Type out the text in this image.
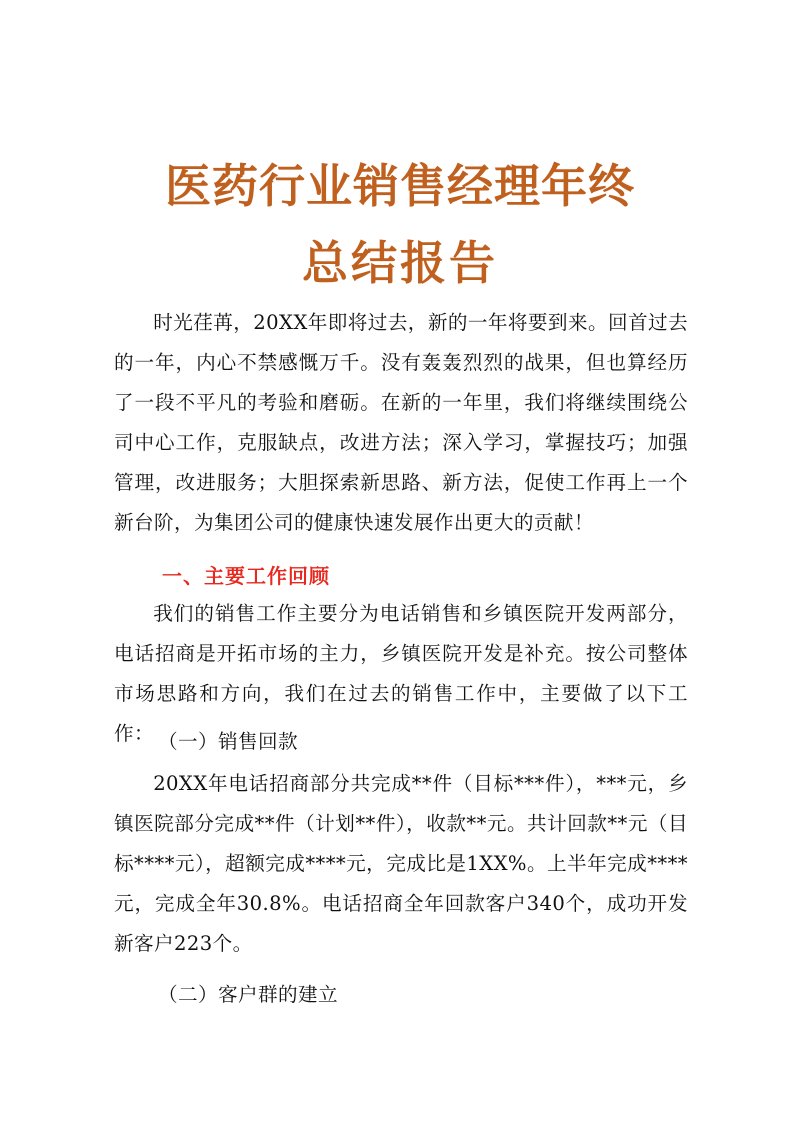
医药行业销售经理年终
总结报告

时光荏苒，20XX年即将过去，新的一年将要到来。回首过去的一年，内心不禁感慨万千。没有轰轰烈烈的战果，但也算经历了一段不平凡的考验和磨砺。在新的一年里，我们将继续围绕公司中心工作，克服缺点，改进方法；深入学习，掌握技巧；加强管理，改进服务；大胆探索新思路、新方法，促使工作再上一个新台阶，为集团公司的健康快速发展作出更大的贡献！

一、主要工作回顾

我们的销售工作主要分为电话销售和乡镇医院开发两部分，电话招商是开拓市场的主力，乡镇医院开发是补充。按公司整体市场思路和方向，我们在过去的销售工作中，主要做了以下工作： （一）销售回款

20XX年电话招商部分共完成**件（目标***件），***元，乡镇医院部分完成**件（计划**件），收款**元。共计回款**元（目标****元），超额完成****元，完成比是1XX%。上半年完成****元，完成全年30.8%。电话招商全年回款客户340个，成功开发新客户223个。

（二）客户群的建立
